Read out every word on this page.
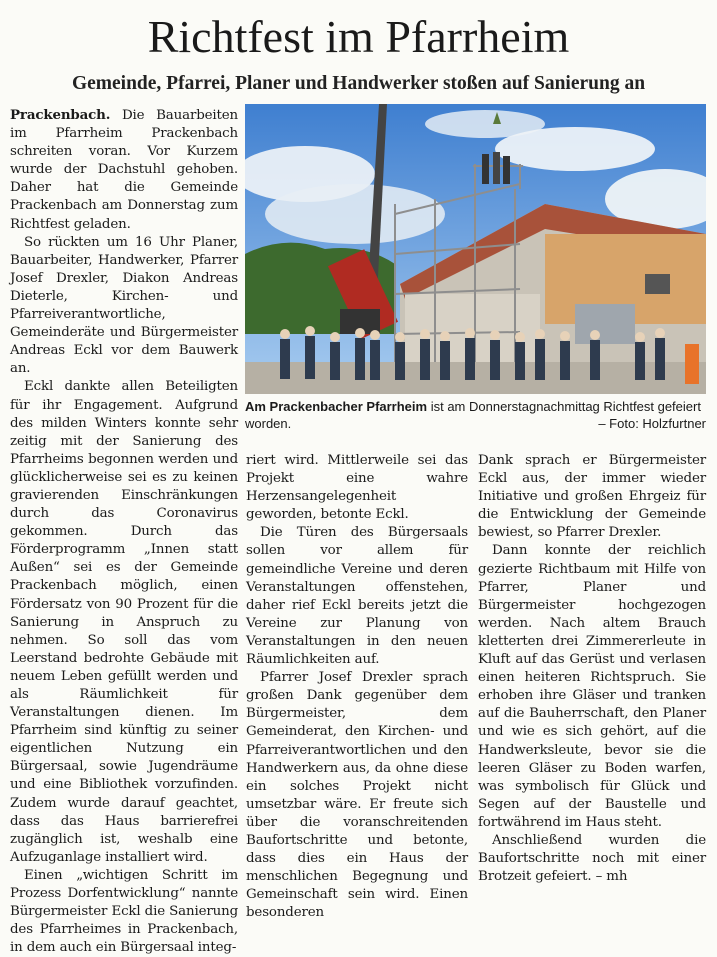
Richtfest im Pfarrheim
Gemeinde, Pfarrei, Planer und Handwerker stoßen auf Sanierung an

Prackenbach. Die Bauarbeiten im Pfarrheim Prackenbach schreiten voran. Vor Kurzem wurde der Dachstuhl gehoben. Daher hat die Gemeinde Prackenbach am Donnerstag zum Richtfest geladen.

So rückten um 16 Uhr Planer, Bauarbeiter, Handwerker, Pfarrer Josef Drexler, Diakon Andreas Dieterle, Kirchen- und Pfarreiverantwortliche, Gemeinderäte und Bürgermeister Andreas Eckl vor dem Bauwerk an.

Eckl dankte allen Beteiligten für ihr Engagement. Aufgrund des milden Winters konnte sehr zeitig mit der Sanierung des Pfarrheims begonnen werden und glücklicherweise sei es zu keinen gravierenden Einschränkungen durch das Coronavirus gekommen. Durch das Förderprogramm „Innen statt Außen“ sei es der Gemeinde Prackenbach möglich, einen Fördersatz von 90 Prozent für die Sanierung in Anspruch zu nehmen. So soll das vom Leerstand bedrohte Gebäude mit neuem Leben gefüllt werden und als Räumlichkeit für Veranstaltungen dienen. Im Pfarrheim sind künftig zu seiner eigentlichen Nutzung ein Bürgersaal, sowie Jugendräume und eine Bibliothek vorzufinden. Zudem wurde darauf geachtet, dass das Haus barrierefrei zugänglich ist, weshalb eine Aufzuganlage installiert wird.

Einen „wichtigen Schritt im Prozess Dorfentwicklung“ nannte Bürgermeister Eckl die Sanierung des Pfarrheimes in Prackenbach, in dem auch ein Bürgersaal integ-

Am Prackenbacher Pfarrheim ist am Donnerstagnachmittag Richtfest gefeiert worden.	– Foto: Holzfurtner

riert wird. Mittlerweile sei das Projekt eine wahre Herzensangelegenheit geworden, betonte Eckl.

Die Türen des Bürgersaals sollen vor allem für gemeindliche Vereine und deren Veranstaltungen offenstehen, daher rief Eckl bereits jetzt die Vereine zur Planung von Veranstaltungen in den neuen Räumlichkeiten auf.

Pfarrer Josef Drexler sprach großen Dank gegenüber dem Bürgermeister, dem Gemeinderat, den Kirchen- und Pfarreiverantwortlichen und den Handwerkern aus, da ohne diese ein solches Projekt nicht umsetzbar wäre. Er freute sich über die voranschreitenden Baufortschritte und betonte, dass dies ein Haus der menschlichen Begegnung und Gemeinschaft sein wird. Einen besonderen

Dank sprach er Bürgermeister Eckl aus, der immer wieder Initiative und großen Ehrgeiz für die Entwicklung der Gemeinde bewiest, so Pfarrer Drexler.

Dann konnte der reichlich gezierte Richtbaum mit Hilfe von Pfarrer, Planer und Bürgermeister hochgezogen werden. Nach altem Brauch kletterten drei Zimmererleute in Kluft auf das Gerüst und verlasen einen heiteren Richtspruch. Sie erhoben ihre Gläser und tranken auf die Bauherrschaft, den Planer und wie es sich gehört, auf die Handwerksleute, bevor sie die leeren Gläser zu Boden warfen, was symbolisch für Glück und Segen auf der Baustelle und fortwährend im Haus steht.

Anschließend wurden die Baufortschritte noch mit einer Brotzeit gefeiert. – mh
